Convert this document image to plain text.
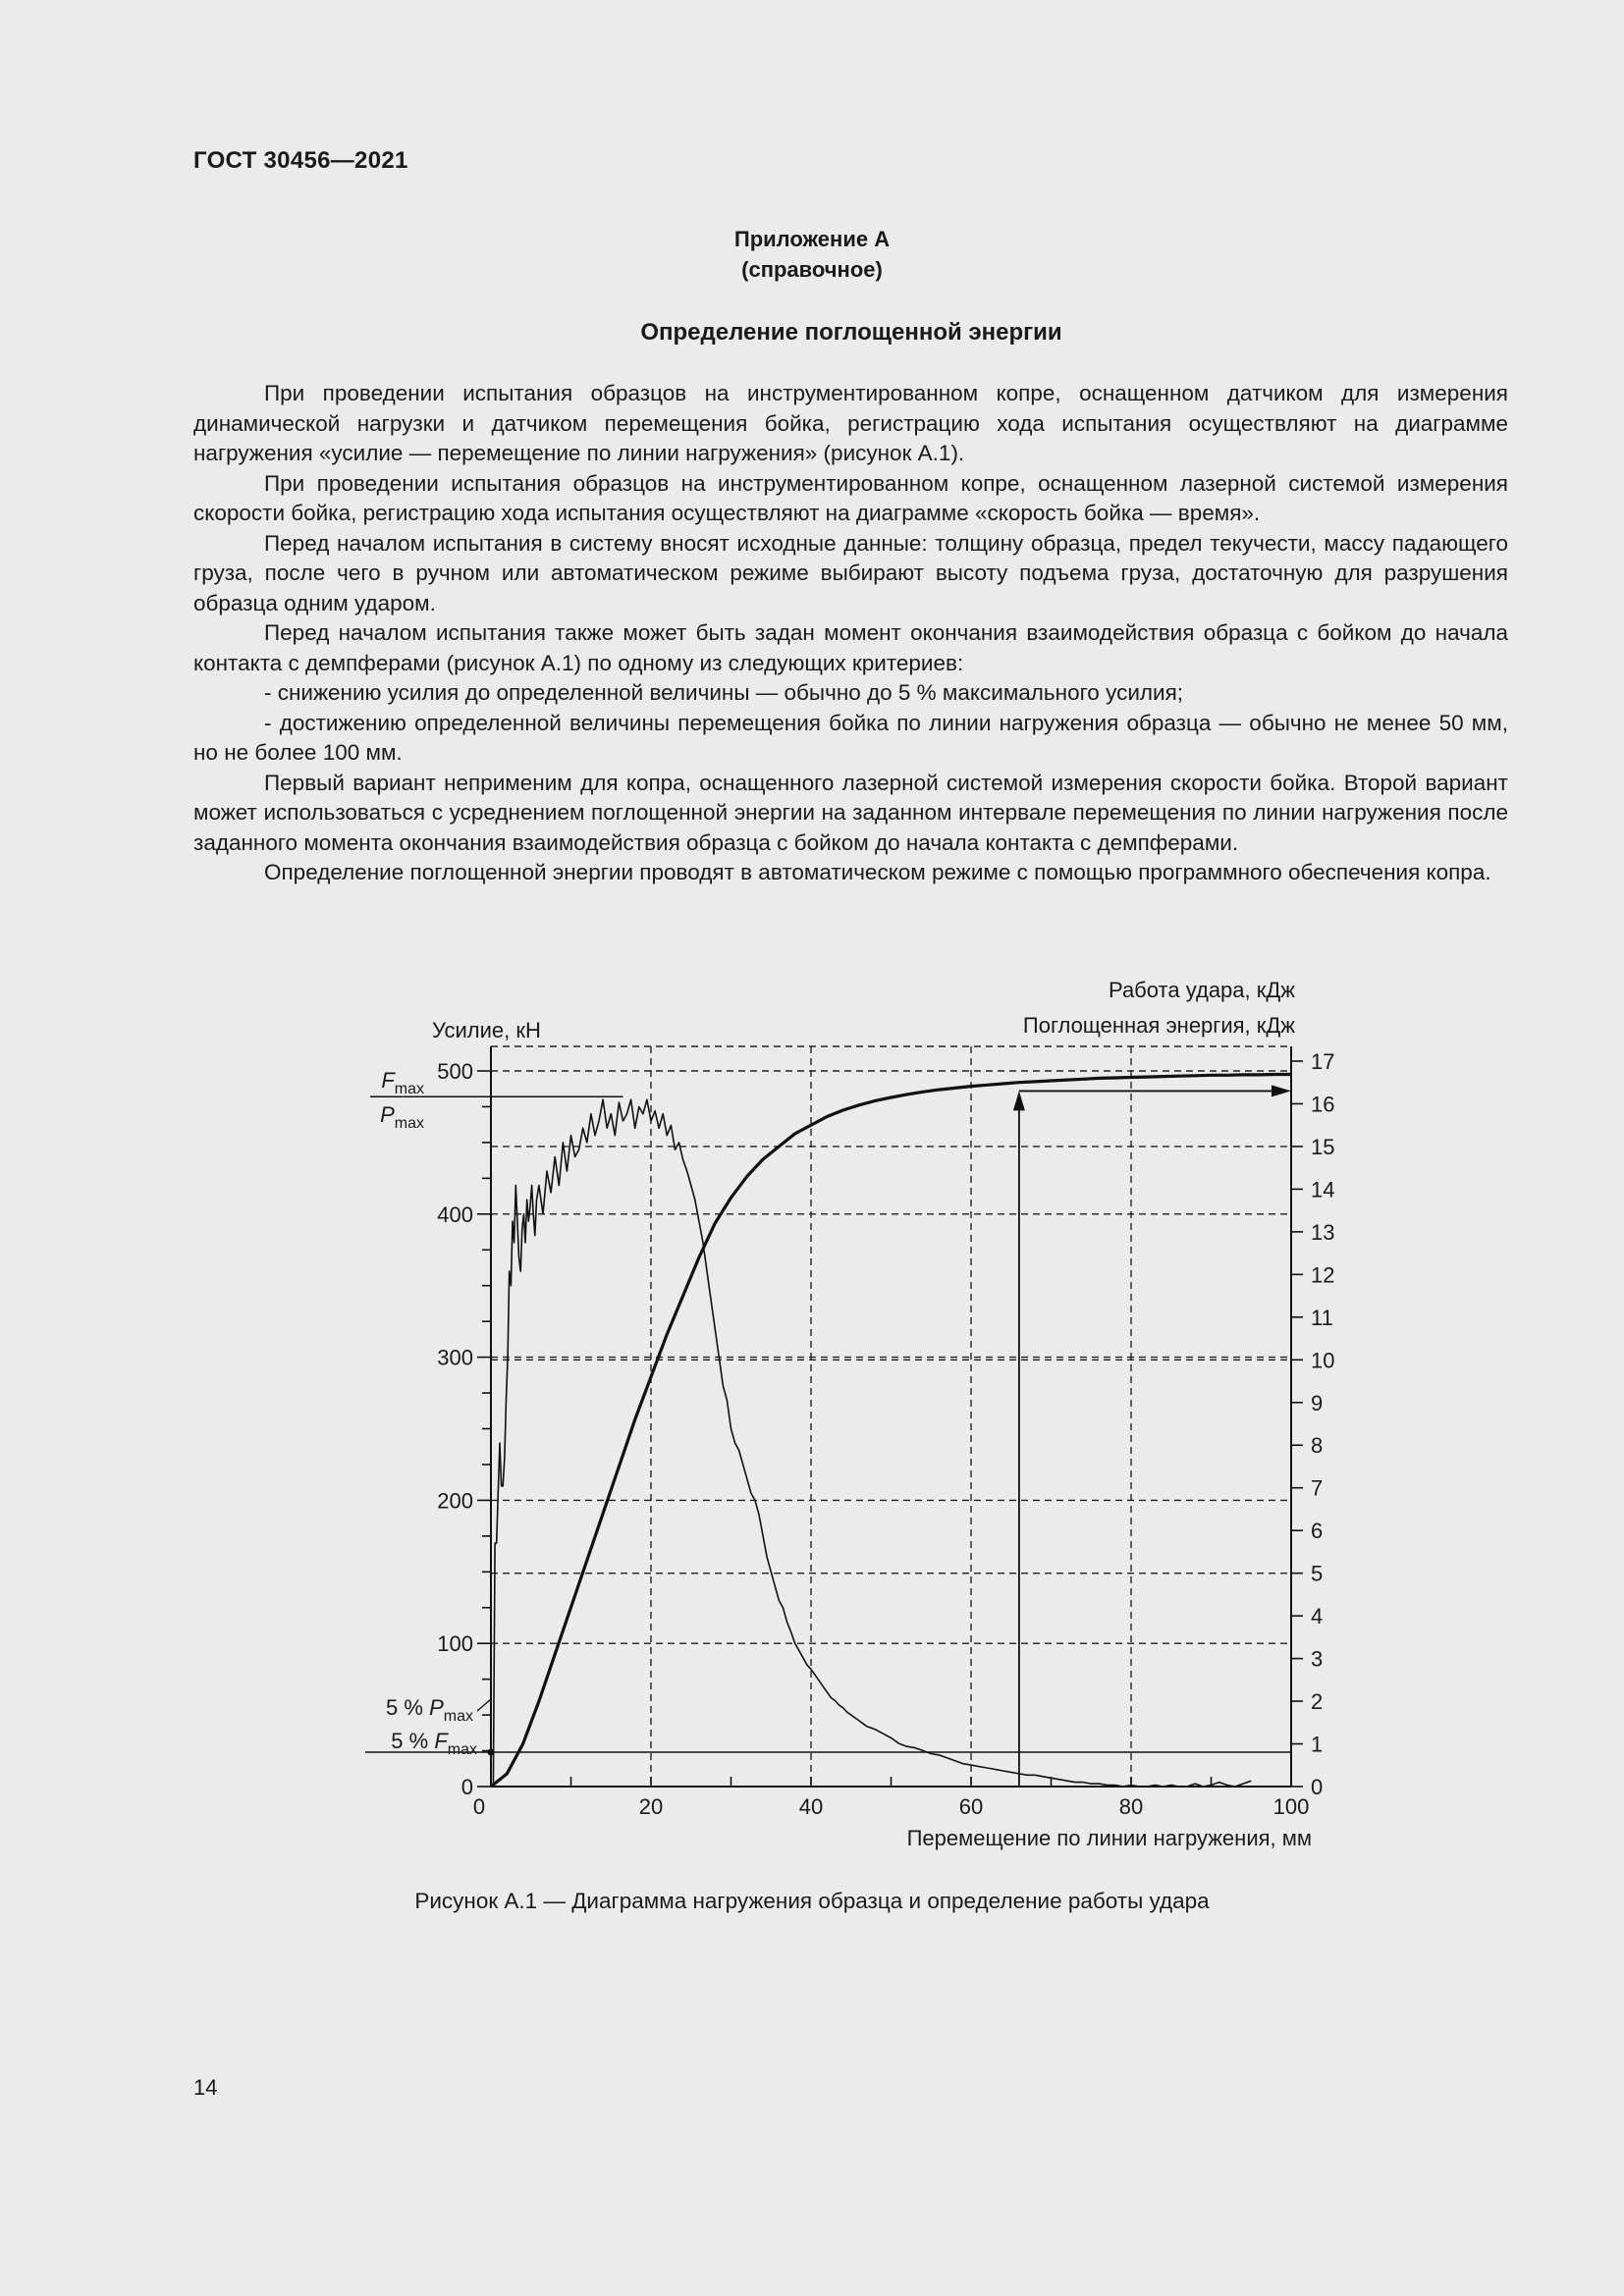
ГОСТ 30456—2021
Приложение А
(справочное)
Определение поглощенной энергии

При проведении испытания образцов на инструментированном копре, оснащенном датчиком для измерения динамической нагрузки и датчиком перемещения бойка, регистрацию хода испытания осуществляют на диаграмме нагружения «усилие — перемещение по линии нагружения» (рисунок А.1).

При проведении испытания образцов на инструментированном копре, оснащенном лазерной системой измерения скорости бойка, регистрацию хода испытания осуществляют на диаграмме «скорость бойка — время».

Перед началом испытания в систему вносят исходные данные: толщину образца, предел текучести, массу падающего груза, после чего в ручном или автоматическом режиме выбирают высоту подъема груза, достаточную для разрушения образца одним ударом.

Перед началом испытания также может быть задан момент окончания взаимодействия образца с бойком до начала контакта с демпферами (рисунок А.1) по одному из следующих критериев:

- снижению усилия до определенной величины — обычно до 5 % максимального усилия;

- достижению определенной величины перемещения бойка по линии нагружения образца — обычно не менее 50 мм, но не более 100 мм.

Первый вариант неприменим для копра, оснащенного лазерной системой измерения скорости бойка. Второй вариант может использоваться с усреднением поглощенной энергии на заданном интервале перемещения по линии нагружения после заданного момента окончания взаимодействия образца с бойком до начала контакта с демпферами.

Определение поглощенной энергии проводят в автоматическом режиме с помощью программного обеспечения копра.

0
100
200
300
400
500
0
1
2
3
4
5
6
7
8
9
10
11
12
13
14
15
16
17
0	20	40	60	80	100
$F_{max}$
$P_{max}$
5 % $P_{max}$
5 % $F_{max}$
Усилие, кН
Работа удара, кДж
Поглощенная энергия, кДж
Перемещение по линии нагружения, мм
Рисунок А.1 — Диаграмма нагружения образца и определение работы удара
14
